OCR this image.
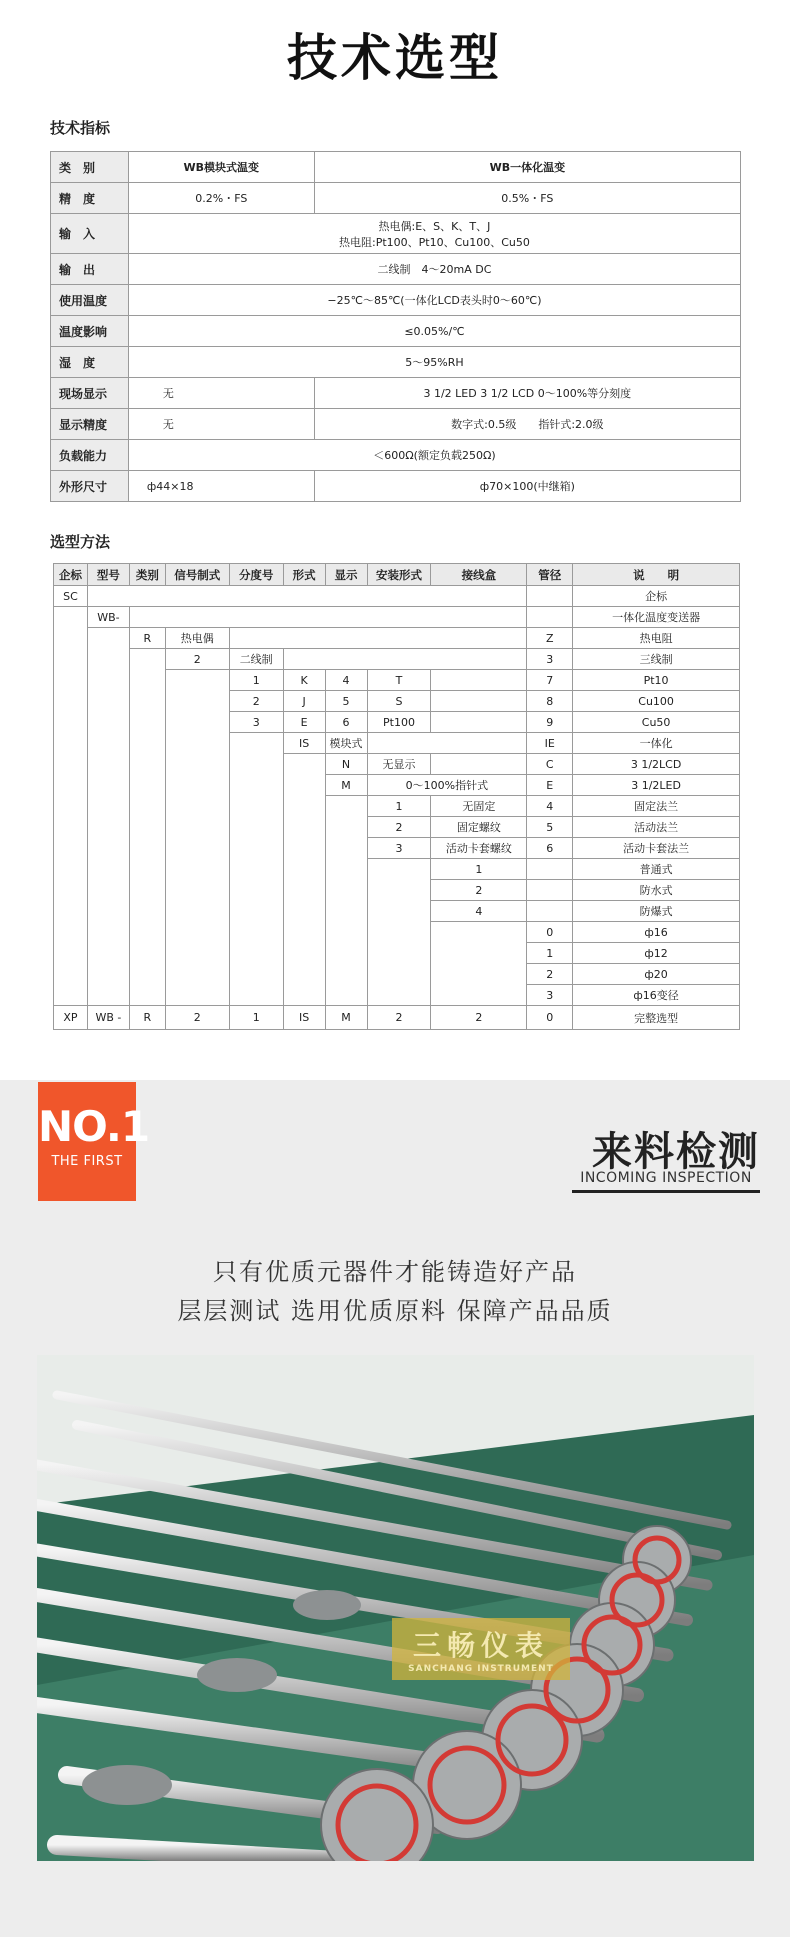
技术选型
技术指标
类　别	WB模块式温变	WB一体化温变
精　度	0.2%・FS	0.5%・FS
输　入	热电偶:E、S、K、T、J
热电阻:Pt100、Pt10、Cu100、Cu50	

输　出	二线制　4～20mA DC	
使用温度	−25℃～85℃(一体化LCD表头时0～60℃)	
温度影响	≤0.05%/℃	
湿　度	5～95%RH	
现场显示	无	3 1/2 LED 3 1/2 LCD 0～100%等分刻度
显示精度	无	数字式:0.5级　　指针式:2.0级
负载能力	＜600Ω(额定负载250Ω)	
外形尺寸	ф44×18	ф70×100(中继箱)
选型方法
企标	型号	类别	信号制式	分度号	形式	显示	安装形式	接线盒	管径	说　　明
SC										企标
	WB-									一体化温度变送器
		R	热电偶						Z	热电阻
			2	二线制					3	三线制
				1	K	4	T		7	Pt10
				2	J	5	S		8	Cu100
				3	E	6	Pt100		9	Cu50
					IS	模块式			IE	一体化
						N	无显示		C	3 1/2LCD
						M	0～100%指针式		E	3 1/2LED
							1	无固定	4	固定法兰
							2	固定螺纹	5	活动法兰
							3	活动卡套螺纹	6	活动卡套法兰
								1		普通式
								2		防水式
								4		防爆式
									0	ф16
									1	ф12
									2	ф20
									3	ф16变径
XP	WB -	R	2	1	IS	M	2	2	0	完整选型
NO.1
THE FIRST	来料检测
INCOMING INSPECTION
只有优质元器件才能铸造好产品
层层测试 选用优质原料 保障产品品质
三畅仪表
SANCHANG INSTRUMENT
